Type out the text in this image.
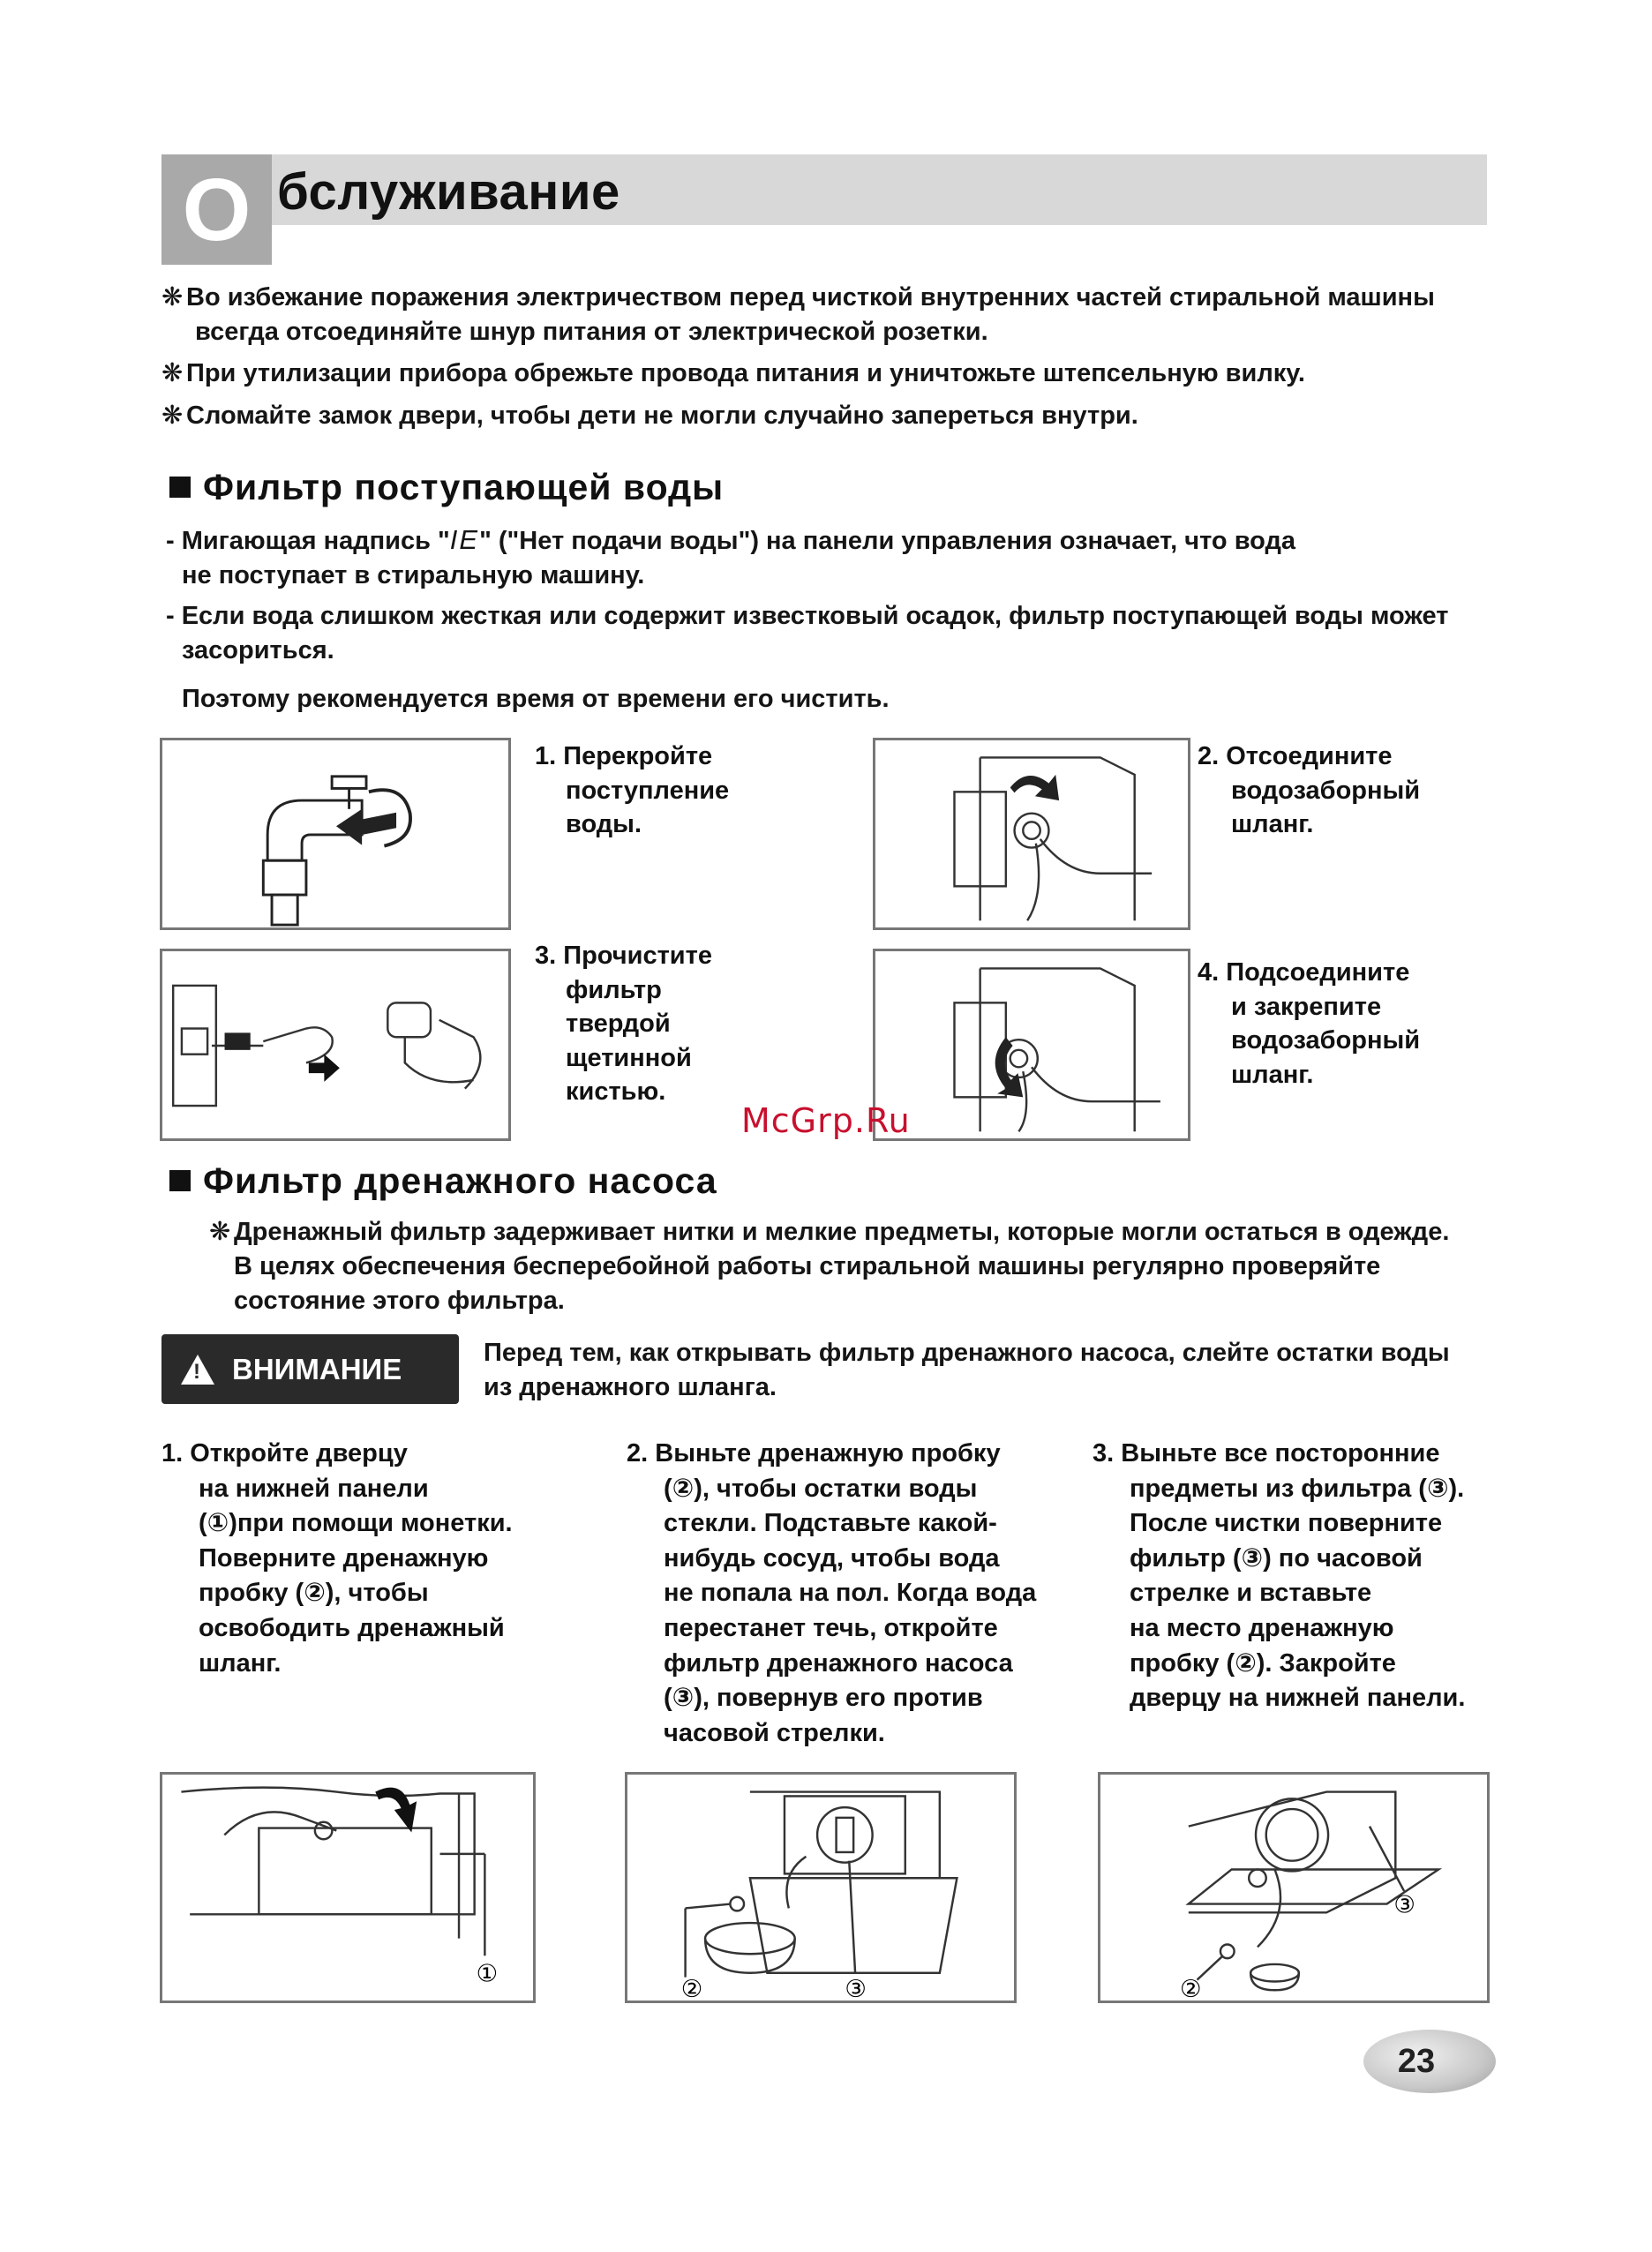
О бслуживание
❋ Во избежание поражения электричеством перед чисткой внутренних частей стиральной машины
всегда отсоединяйте шнур питания от электрической розетки.
❋ При утилизации прибора обрежьте провода питания и уничтожьте штепсельную вилку.
❋ Сломайте замок двери, чтобы дети не могли случайно запереться внутри.
Фильтр поступающей воды
- Мигающая надпись "IE" ("Нет подачи воды") на панели управления означает, что вода
не поступает в стиральную машину.
- Если вода слишком жесткая или содержит известковый осадок, фильтр поступающей воды может
засориться.
Поэтому рекомендуется время от времени его чистить.
1. Перекройте
поступление
воды.
2. Отсоедините
водозаборный
шланг.
3. Прочистите
фильтр
твердой
щетинной
кистью.
4. Подсоедините
и закрепите
водозаборный
шланг.
McGrp.Ru
Фильтр дренажного насоса
❋ Дренажный фильтр задерживает нитки и мелкие предметы, которые могли остаться в одежде.
В целях обеспечения бесперебойной работы стиральной машины регулярно проверяйте
состояние этого фильтра.
! ВНИМАНИЕ	Перед тем, как открывать фильтр дренажного насоса, слейте остатки воды
из дренажного шланга.
1. Откройте дверцу
на нижней панели
(①)при помощи монетки.
Поверните дренажную
пробку (②), чтобы
освободить дренажный
шланг.
2. Выньте дренажную пробку
(②), чтобы остатки воды
стекли. Подставьте какой-
нибудь сосуд, чтобы вода
не попала на пол. Когда вода
перестанет течь, откройте
фильтр дренажного насоса
(③), повернув его против
часовой стрелки.
3. Выньте все посторонние
предметы из фильтра (③).
После чистки поверните
фильтр (③) по часовой
стрелке и вставьте
на место дренажную
пробку (②). Закройте
дверцу на нижней панели.
①
②	③	②
③
23
